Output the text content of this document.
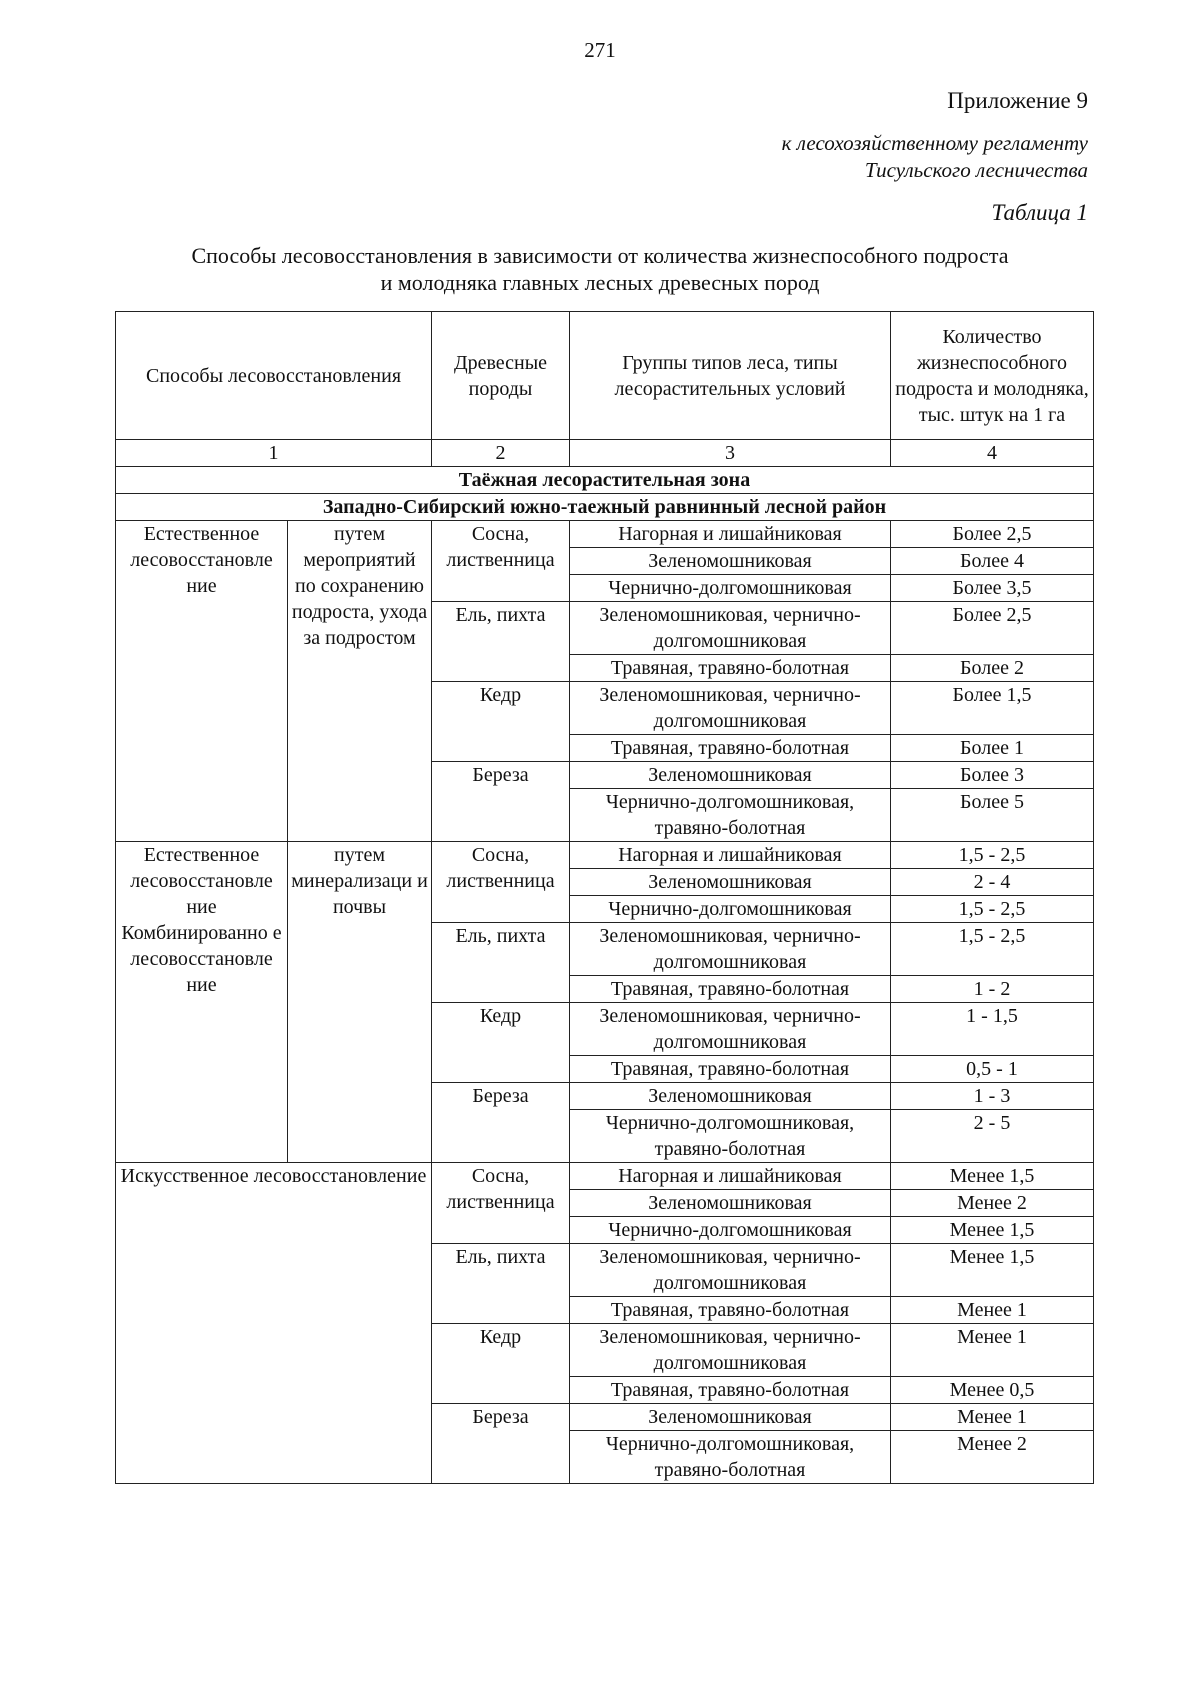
271
Приложение 9
к лесохозяйственному регламенту
Тисульского лесничества
Таблица 1
Способы лесовосстановления в зависимости от количества жизнеспособного подроста
и молодняка главных лесных древесных пород
Способы лесовосстановления		Древесные породы	Группы типов леса, типы лесорастительных условий	Количество жизнеспособного подроста и молодняка, тыс. штук на 1 га
1		2	3	4
Таёжная лесорастительная зона				
Западно-Сибирский южно-таежный равнинный лесной район				
Естественное лесовосстановле ние	путем мероприятий по сохранению подроста, ухода за подростом	Сосна, лиственница	Нагорная и лишайниковая	Более 2,5
			Зеленомошниковая	Более 4
			Чернично-долгомошниковая	Более 3,5
		Ель, пихта	Зеленомошниковая, чернично-долгомошниковая	Более 2,5
			Травяная, травяно-болотная	Более 2
		Кедр	Зеленомошниковая, чернично-долгомошниковая	Более 1,5
			Травяная, травяно-болотная	Более 1
		Береза	Зеленомошниковая	Более 3
			Чернично-долгомошниковая, травяно-болотная	Более 5
Естественное лесовосстановле ние Комбинированно е лесовосстановле ние	путем минерализаци и почвы	Сосна, лиственница	Нагорная и лишайниковая	1,5 - 2,5
			Зеленомошниковая	2 - 4
			Чернично-долгомошниковая	1,5 - 2,5
		Ель, пихта	Зеленомошниковая, чернично-долгомошниковая	1,5 - 2,5
			Травяная, травяно-болотная	1 - 2
		Кедр	Зеленомошниковая, чернично-долгомошниковая	1 - 1,5
			Травяная, травяно-болотная	0,5 - 1
		Береза	Зеленомошниковая	1 - 3
			Чернично-долгомошниковая, травяно-болотная	2 - 5
Искусственное лесовосстановление		Сосна, лиственница	Нагорная и лишайниковая	Менее 1,5
			Зеленомошниковая	Менее 2
			Чернично-долгомошниковая	Менее 1,5
		Ель, пихта	Зеленомошниковая, чернично-долгомошниковая	Менее 1,5
			Травяная, травяно-болотная	Менее 1
		Кедр	Зеленомошниковая, чернично-долгомошниковая	Менее 1
			Травяная, травяно-болотная	Менее 0,5
		Береза	Зеленомошниковая	Менее 1
			Чернично-долгомошниковая, травяно-болотная	Менее 2
